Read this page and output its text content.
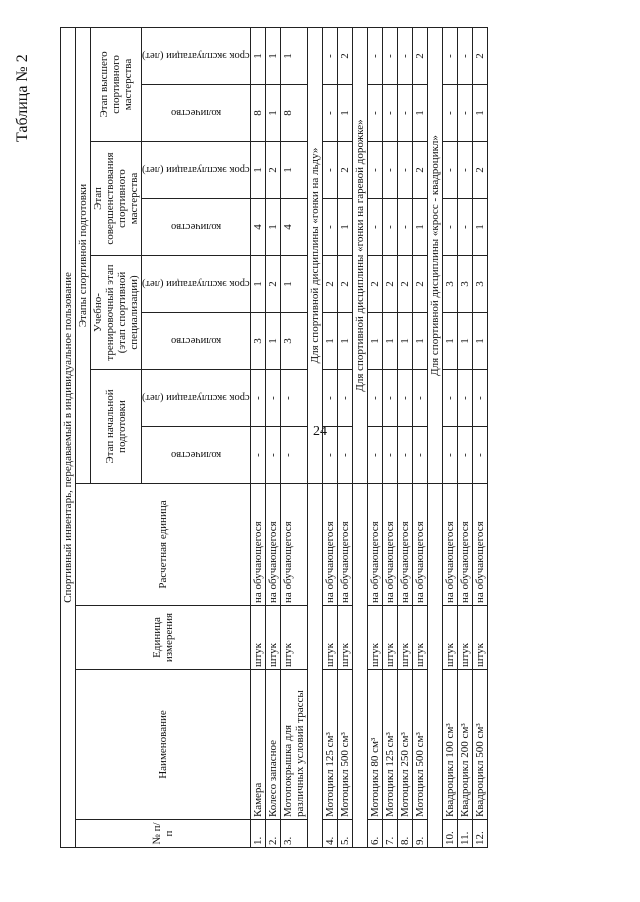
24
Таблица № 2
Спортивный инвентарь, передаваемый в индивидуальное пользование											
№ п/п	Наименование	Единица измерения	Расчетная единица	Этапы спортивной подготовки							
				Этап начальной подготовки		Учебно-тренировочный этап (этап спортивной специализации)		Этап совершенствования спортивного мастерства		Этап высшего спортивного мастерства	

				количество	срок эксплуатации (лет)	количество	срок эксплуатации (лет)	количество	срок эксплуатации (лет)	количество	срок эксплуатации (лет)

1.	Камера	штук	на обучающегося	-	-	3	1	4	1	8	1
2.	Колесо запасное	штук	на обучающегося	-	-	1	2	1	2	1	1
3.	Мотопокрышка для различных условий трассы	штук	на обучающегося	-	-	3	1	4	1	8	1
				Для спортивной дисциплины «гонки на льду»							
4.	Мотоцикл 125 см³	штук	на обучающегося	-	-	1	2	-	-	-	-
5.	Мотоцикл 500 см³	штук	на обучающегося	-	-	1	2	1	2	1	2
				Для спортивной дисциплины «гонки на гаревой дорожке»							
6.	Мотоцикл 80 см³	штук	на обучающегося	-	-	1	2	-	-	-	-
7.	Мотоцикл 125 см³	штук	на обучающегося	-	-	1	2	-	-	-	-
8.	Мотоцикл 250 см³	штук	на обучающегося	-	-	1	2	-	-	-	-
9.	Мотоцикл 500 см³	штук	на обучающегося	-	-	1	2	1	2	1	2
				Для спортивной дисциплины «кросс - квадроцикл»							
10.	Квадроцикл 100 см³	штук	на обучающегося	-	-	1	3	-	-	-	-
11.	Квадроцикл 200 см³	штук	на обучающегося	-	-	1	3	-	-	-	-
12.	Квадроцикл 500 см³	штук	на обучающегося	-	-	1	3	1	2	1	2
